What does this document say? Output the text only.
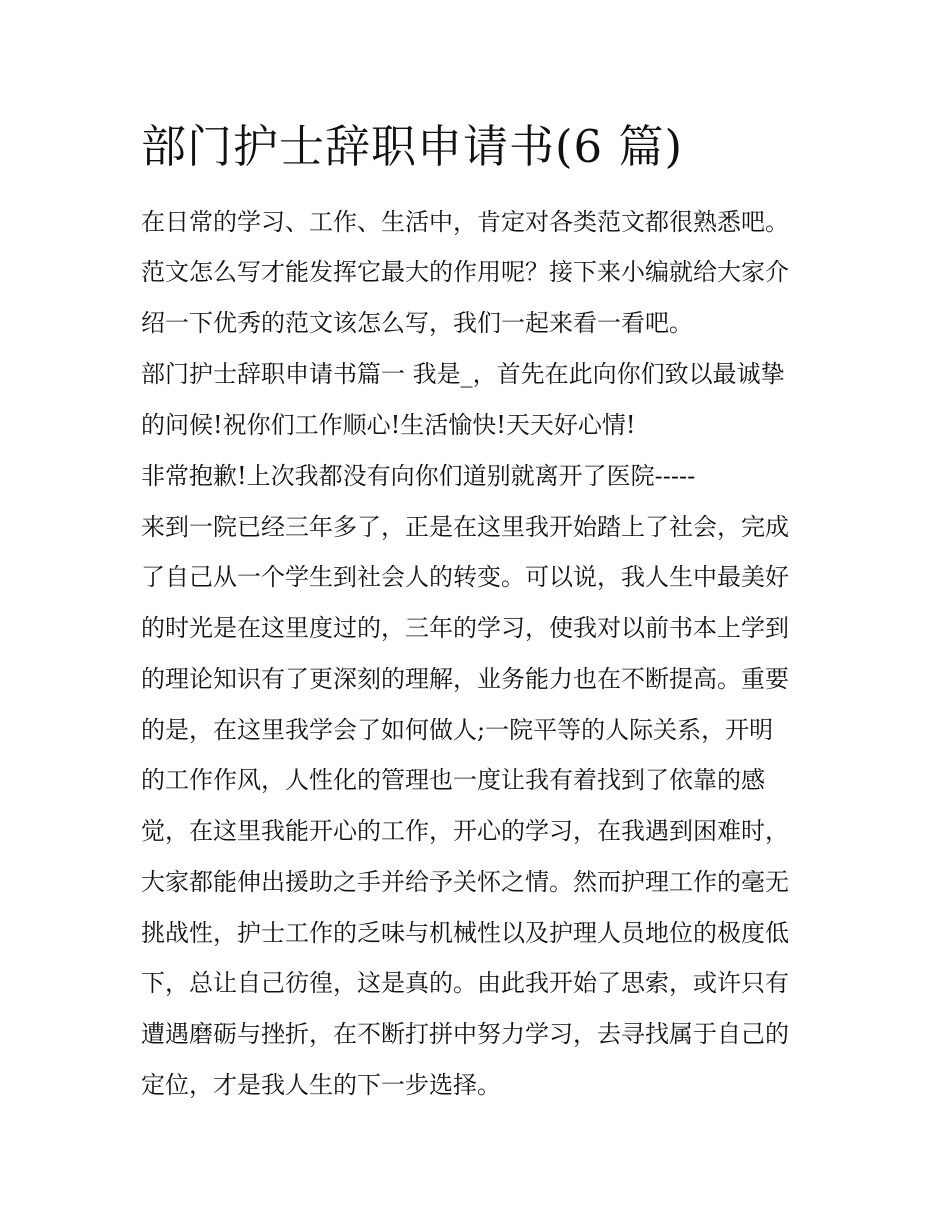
部门护士辞职申请书(6 篇)

在日常的学习、工作、生活中，肯定对各类范文都很熟悉吧。

范文怎么写才能发挥它最大的作用呢？接下来小编就给大家介

绍一下优秀的范文该怎么写，我们一起来看一看吧。

部门护士辞职申请书篇一 我是_，首先在此向你们致以最诚挚

的问候!祝你们工作顺心!生活愉快!天天好心情!

非常抱歉!上次我都没有向你们道别就离开了医院-----

来到一院已经三年多了，正是在这里我开始踏上了社会，完成

了自己从一个学生到社会人的转变。可以说，我人生中最美好

的时光是在这里度过的，三年的学习，使我对以前书本上学到

的理论知识有了更深刻的理解，业务能力也在不断提高。重要

的是，在这里我学会了如何做人;一院平等的人际关系，开明

的工作作风，人性化的管理也一度让我有着找到了依靠的感

觉，在这里我能开心的工作，开心的学习，在我遇到困难时，

大家都能伸出援助之手并给予关怀之情。然而护理工作的毫无

挑战性，护士工作的乏味与机械性以及护理人员地位的极度低

下，总让自己彷徨，这是真的。由此我开始了思索，或许只有

遭遇磨砺与挫折，在不断打拼中努力学习，去寻找属于自己的

定位，才是我人生的下一步选择。
